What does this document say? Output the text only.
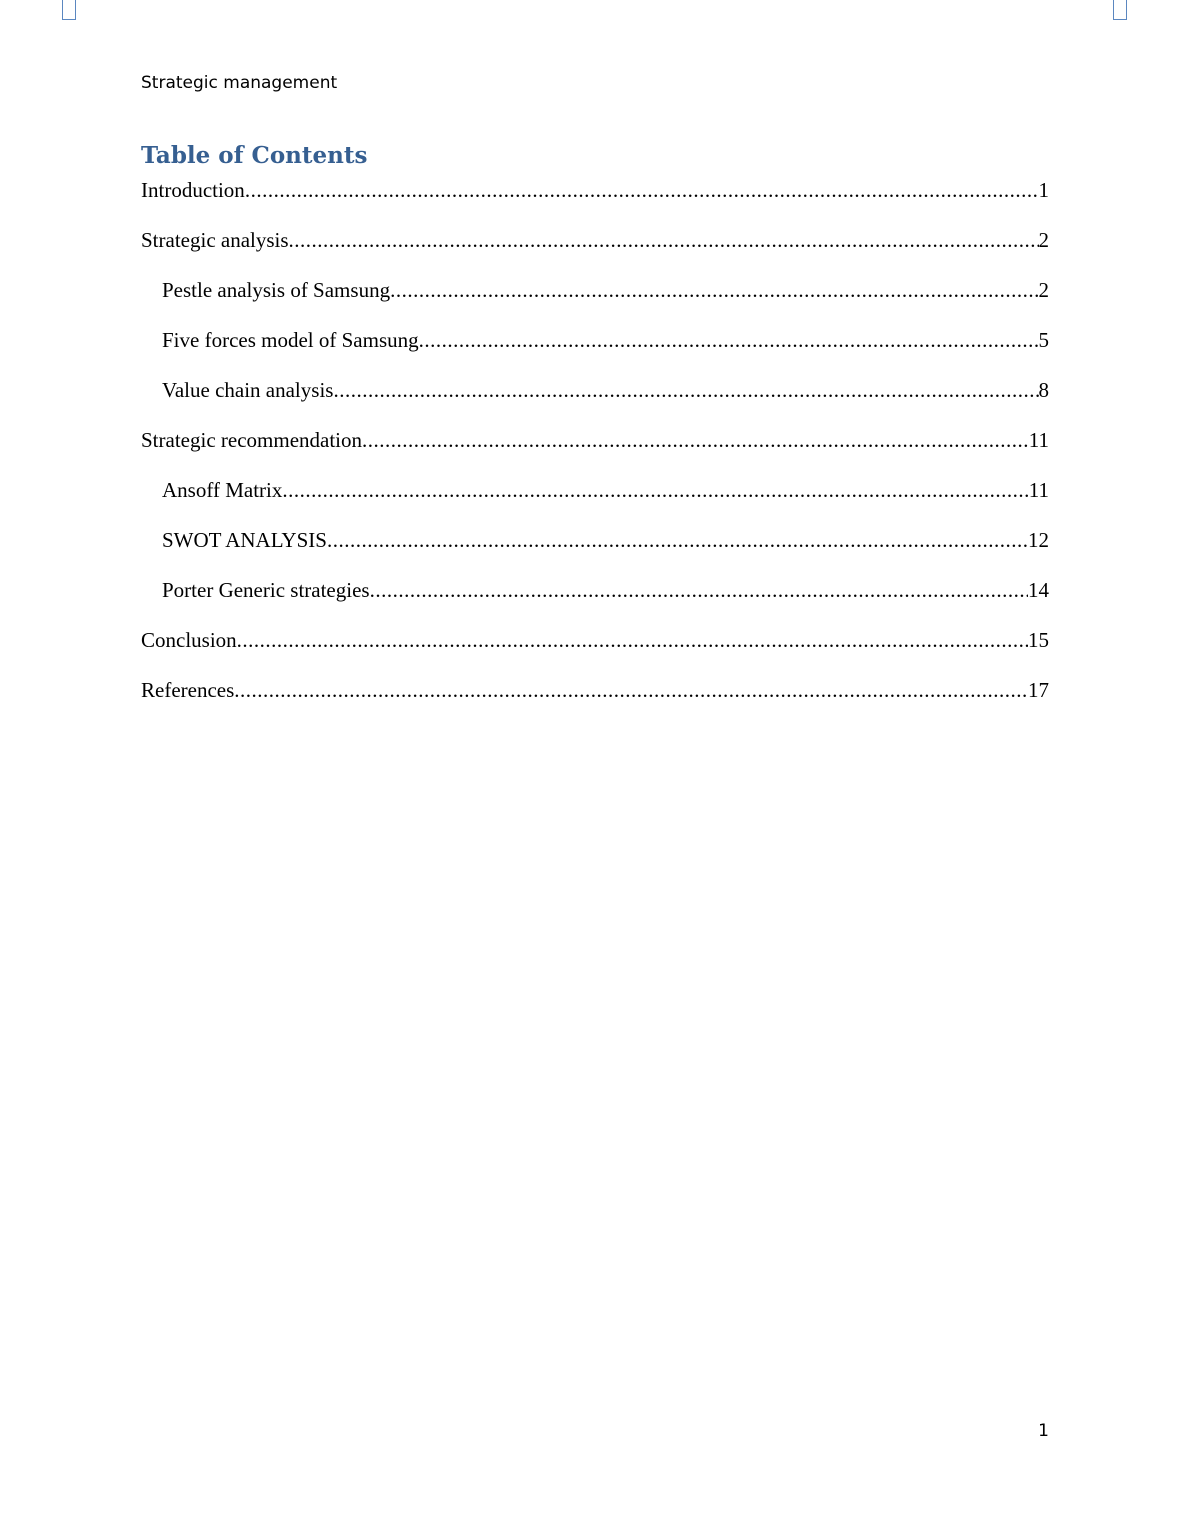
Strategic management
Table of Contents
Introduction .....	1
Strategic analysis .....	2
Pestle analysis of Samsung .....	2
Five forces model of Samsung .....	5
Value chain analysis .....	8
Strategic recommendation .....	11
Ansoff Matrix .....	11
SWOT ANALYSIS .....	12
Porter Generic strategies .....	14
Conclusion .....	15
References .....	17
1
